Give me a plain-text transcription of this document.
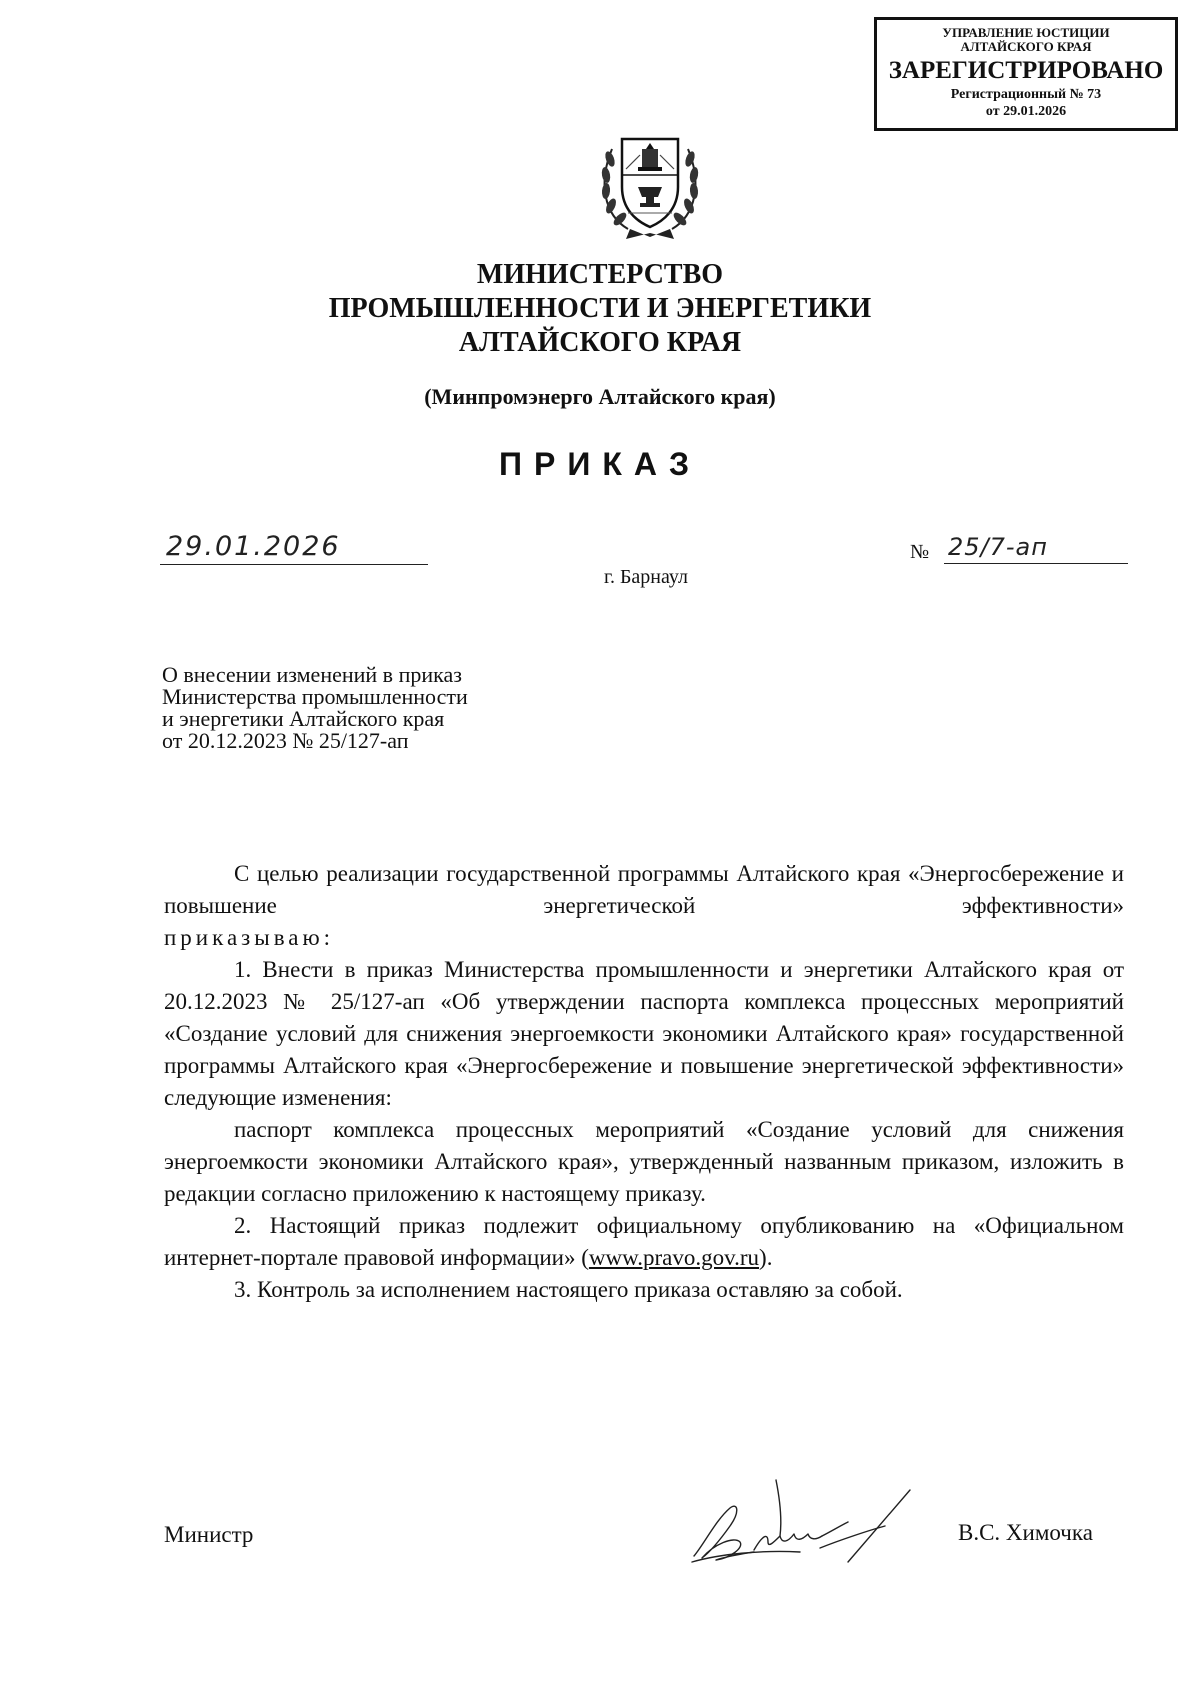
УПРАВЛЕНИЕ ЮСТИЦИИ АЛТАЙСКОГО КРАЯ
ЗАРЕГИСТРИРОВАНО
Регистрационный № 73
от 29.01.2026
МИНИСТЕРСТВО
ПРОМЫШЛЕННОСТИ И ЭНЕРГЕТИКИ
АЛТАЙСКОГО КРАЯ
(Минпромэнерго Алтайского края)
ПРИКАЗ
29.01.2026	№ 25/7-ап
г. Барнаул
О внесении изменений в приказ
Министерства промышленности
и энергетики Алтайского края
от 20.12.2023 № 25/127-ап

С целью реализации государственной программы Алтайского края «Энергосбережение и повышение энергетической эффективности»

приказываю:

1. Внести в приказ Министерства промышленности и энергетики Алтайского края от 20.12.2023 № 25/127-ап «Об утверждении паспорта комплекса процессных мероприятий «Создание условий для снижения энергоемкости экономики Алтайского края» государственной программы Алтайского края «Энергосбережение и повышение энергетической эффективности» следующие изменения:

паспорт комплекса процессных мероприятий «Создание условий для снижения энергоемкости экономики Алтайского края», утвержденный названным приказом, изложить в редакции согласно приложению к настоящему приказу.

2. Настоящий приказ подлежит официальному опубликованию на «Официальном интернет-портале правовой информации» (www.pravo.gov.ru).

3. Контроль за исполнением настоящего приказа оставляю за собой.

Министр	В.С. Химочка
